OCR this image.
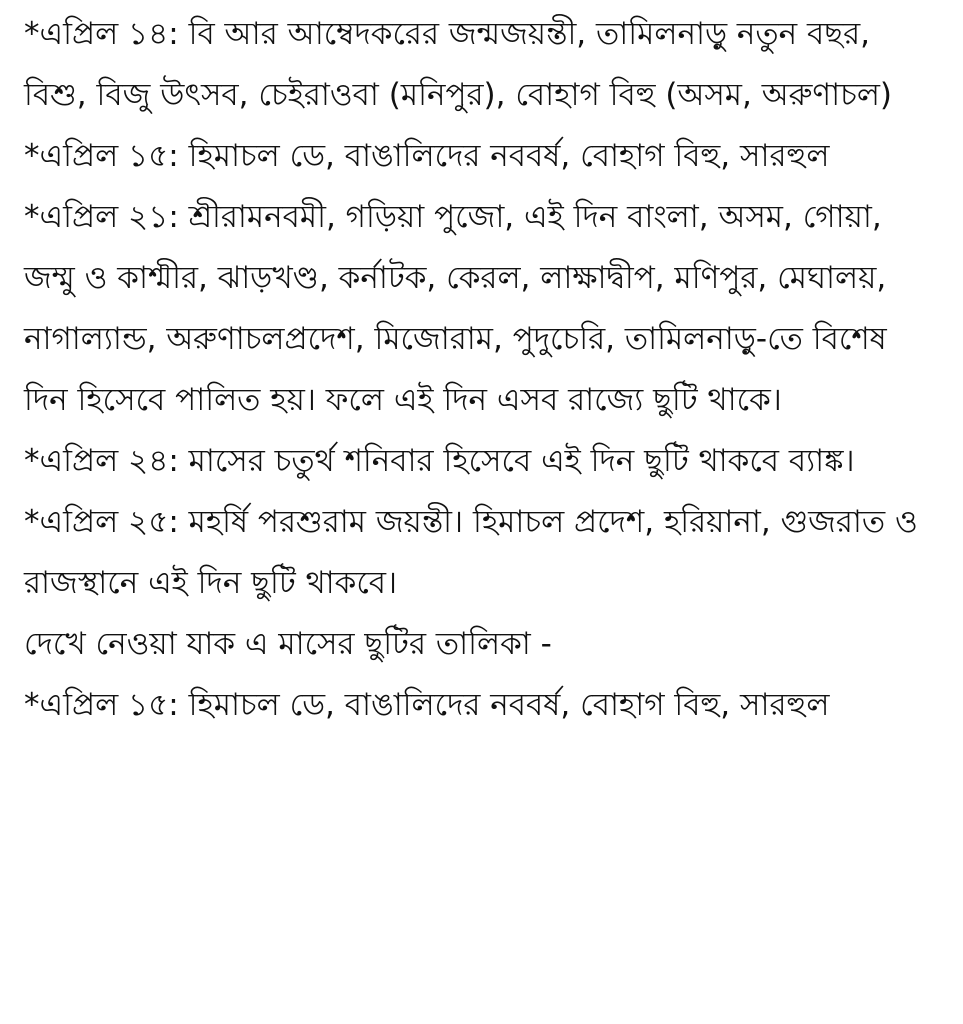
*এপ্রিল ১৪: বি আর আম্বেদকরের জন্মজয়ন্তী, তামিলনাড়ু নতুন বছর, বিশু, বিজু উৎসব, চেইরাওবা (মনিপুর), বোহাগ বিহু (অসম, অরুণাচল)

*এপ্রিল ১৫: হিমাচল ডে, বাঙালিদের নববর্ষ, বোহাগ বিহু, সারহুল

*এপ্রিল ২১: শ্রীরামনবমী, গড়িয়া পুজো, এই দিন বাংলা, অসম, গোয়া, জম্মু ও কাশ্মীর, ঝাড়খণ্ড, কর্নাটক, কেরল, লাক্ষাদ্বীপ, মণিপুর, মেঘালয়, নাগাল্যান্ড, অরুণাচলপ্রদেশ, মিজোরাম, পুদুচেরি, তামিলনাড়ু-তে বিশেষ দিন হিসেবে পালিত হয়। ফলে এই দিন এসব রাজ্যে ছুটি থাকে।

*এপ্রিল ২৪: মাসের চতুর্থ শনিবার হিসেবে এই দিন ছুটি থাকবে ব্যাঙ্ক।

*এপ্রিল ২৫: মহর্ষি পরশুরাম জয়ন্তী। হিমাচল প্রদেশ, হরিয়ানা, গুজরাত ও রাজস্থানে এই দিন ছুটি থাকবে।

দেখে নেওয়া যাক এ মাসের ছুটির তালিকা -

*এপ্রিল ১৫: হিমাচল ডে, বাঙালিদের নববর্ষ, বোহাগ বিহু, সারহুল
